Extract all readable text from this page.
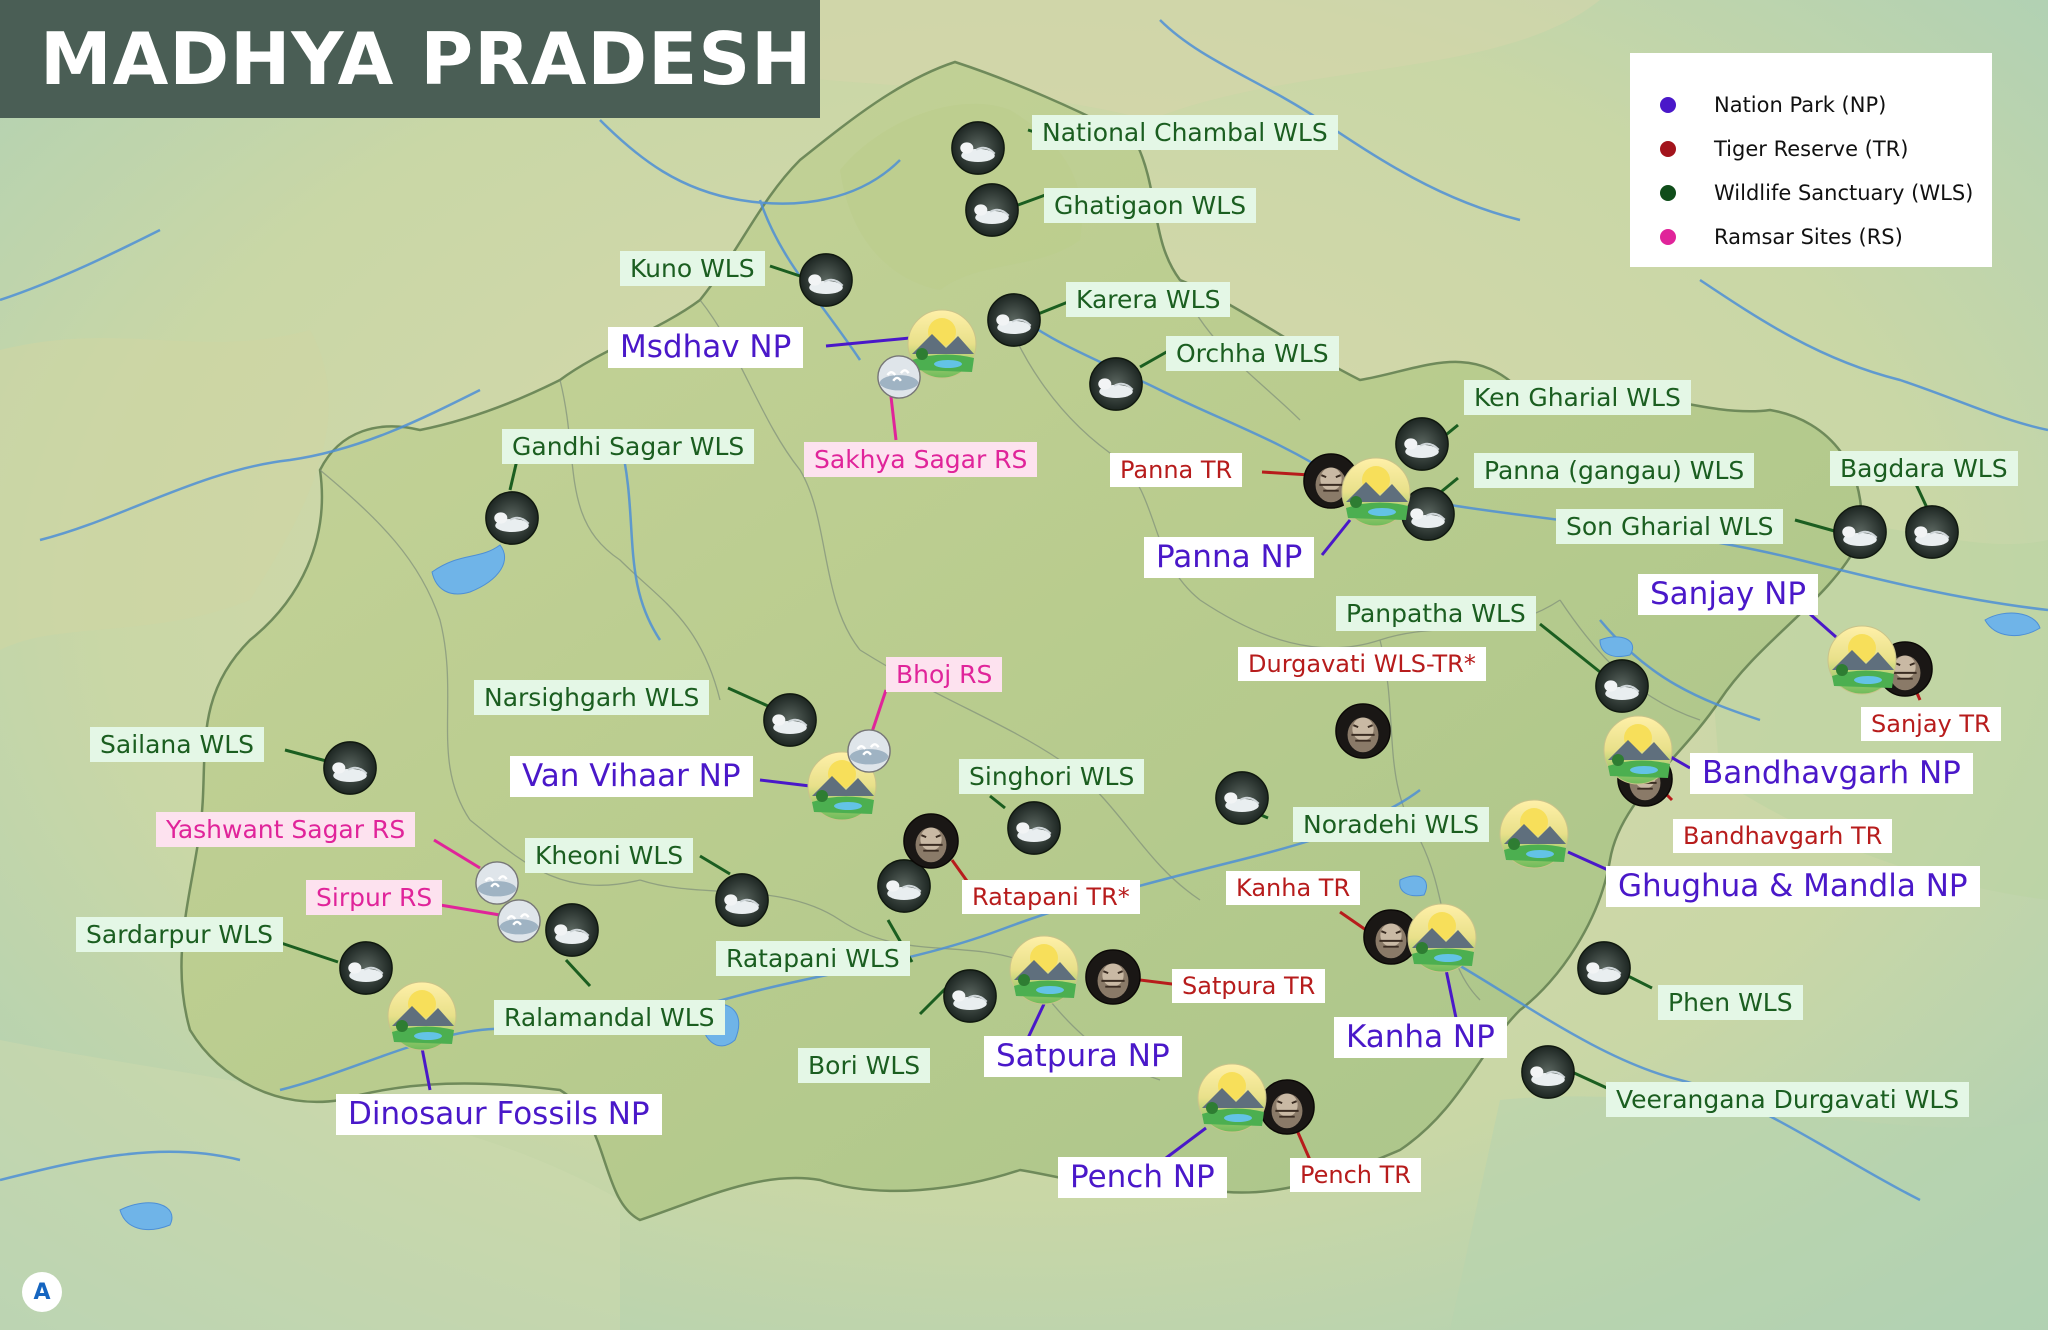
MADHYA PRADESH
Nation Park (NP)
Tiger Reserve (TR)
Wildlife Sanctuary (WLS)
Ramsar Sites (RS)
National Chambal WLS
Ghatigaon WLS
Kuno WLS
Karera WLS
Orchha WLS
Ken Gharial WLS
Panna (gangau) WLS	Bagdara WLS
Son Gharial WLS
Gandhi Sagar WLS
Panpatha WLS
Narsighgarh WLS
Sailana WLS
Singhori WLS
Noradehi WLS
Kheoni WLS
Sardarpur WLS
Ratapani WLS
Ralamandal WLS
Bori WLS
Phen WLS
Veerangana Durgavati WLS
Panna TR
Durgavati WLS-TR*
Sanjay TR
Bandhavgarh TR
Ratapani TR*	Kanha TR
Satpura TR
Pench TR
Msdhav NP
Panna NP
Sanjay NP
Bandhavgarh NP
Ghughua & Mandla NP
Van Vihaar NP
Kanha NP
Satpura NP
Dinosaur Fossils NP
Pench NP
Sakhya Sagar RS
Bhoj RS
Yashwant Sagar RS
Sirpur RS
A
